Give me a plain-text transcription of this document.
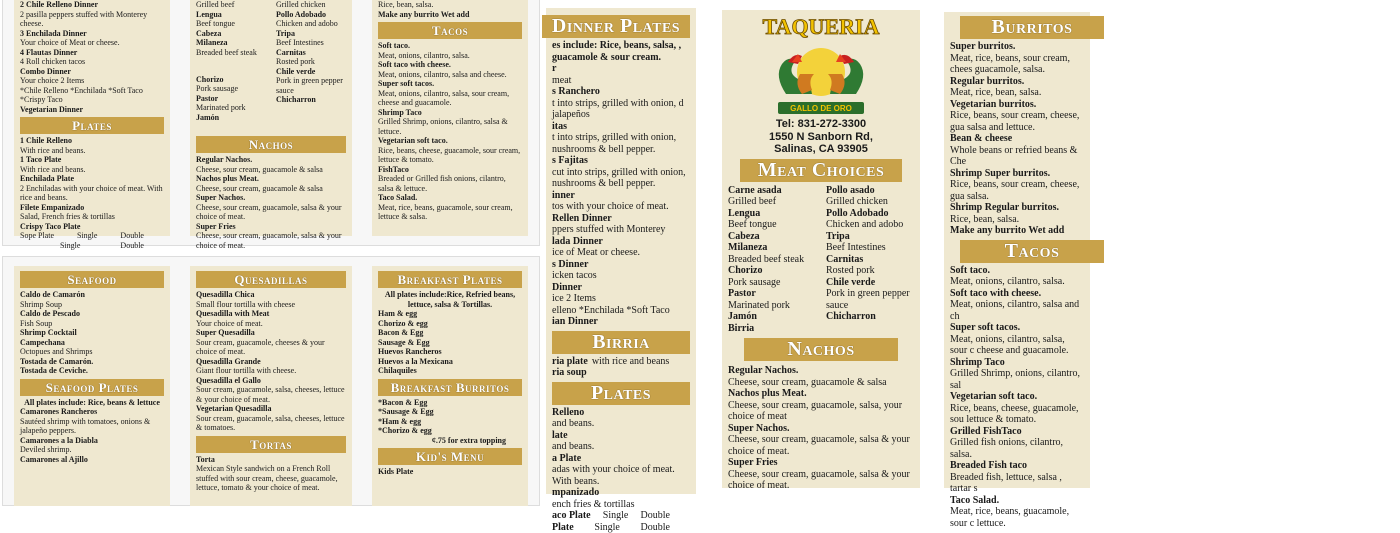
2 Chile Relleno Dinner
2 pasilla peppers stuffed with Monterey cheese.
3 Enchilada Dinner
Your choice of Meat or cheese.
4 Flautas Dinner
4 Roll chicken tacos
Combo Dinner
Your choice 2 Items
*Chile Relleno *Enchilada *Soft Taco
*Crispy Taco
Vegetarian Dinner
Plates
1 Chile Relleno
With rice and beans.
1 Taco Plate
With rice and beans.
Enchilada Plate
2 Enchiladas with your choice of meat. With rice and beans.
Filete Empanizado
Salad, French fries & tortillas
Crispy Taco Plate
Sope Plate	Single	Double
Single	Double
Grilled beef
Lengua
Beef tongue
Cabeza
Milaneza
Breaded beef steak
Grilled chicken
Pollo Adobado
Chicken and adobo
Tripa
Beef Intestines
Carnitas
Rosted pork
Chile verde
Pork in green pepper sauce
Chicharron
Chorizo
Pork sausage
Pastor
Marinated pork
Jamón
Nachos
Regular Nachos.
Cheese, sour cream, guacamole & salsa
Nachos plus Meat.
Cheese, sour cream, guacamole & salsa
Super Nachos.
Cheese, sour cream, guacamole, salsa & your choice of meat.
Super Fries
Cheese, sour cream, guacamole, salsa & your choice of meat.
Rice, bean, salsa.
Make any burrito Wet add
Tacos
Soft taco.
Meat, onions, cilantro, salsa.
Soft taco with cheese.
Meat, onions, cilantro, salsa and cheese.
Super soft tacos.
Meat, onions, cilantro, salsa, sour cream, cheese and guacamole.
Shrimp Taco
Grilled Shrimp, onions, cilantro, salsa & lettuce.
Vegetarian soft taco.
Rice, beans, cheese, guacamole, sour cream, lettuce & tomato.
FishTaco
Breaded or Grilled fish onions, cilantro, salsa & lettuce.
Taco Salad.
Meat, rice, beans, guacamole, sour cream, lettuce & salsa.
Seafood
Caldo de Camarón
Shrimp Soup
Caldo de Pescado
Fish Soup
Shrimp Cocktail
Campechana
Octopues and Shrimps
Tostada de Camarón.
Tostada de Ceviche.
Seafood Plates
All plates include: Rice, beans & lettuce
Camarones Rancheros
Sautéed shrimp with tomatoes, onions & jalapeño peppers.
Camarones a la Diabla
Deviled shrimp.
Camarones al Ajillo
Quesadillas
Quesadilla Chica
Small flour tortilla with cheese
Quesadilla with Meat
Your choice of meat.
Super Quesadilla
Sour cream, guacamole, cheeses & your choice of meat.
Quesadilla Grande
Giant flour tortilla with cheese.
Quesadilla el Gallo
Sour cream, guacamole, salsa, cheeses, lettuce & your choice of meat.
Vegetarian Quesadilla
Sour cream, guacamole, salsa, cheeses, lettuce & tomatoes.
Tortas
Torta
Mexican Style sandwich on a French Roll stuffed with sour cream, cheese, guacamole, lettuce, tomato & your choice of meat.
Breakfast Plates
All plates include:Rice, Refried beans, lettuce, salsa & Tortillas.
Ham & egg
Chorizo & egg
Bacon & Egg
Sausage & Egg
Huevos Rancheros
Huevos a la Mexicana
Chilaquiles
Breakfast Burritos
*Bacon & Egg
*Sausage & Egg
*Ham & egg
*Chorizo & egg
¢.75 for extra topping
Kid's Menu
Kids Plate
Dinner Plates
es include: Rice, beans, salsa, , guacamole & sour cream.
r
meat
s Ranchero
t into strips, grilled with onion, d jalapeños
itas
t into strips, grilled with onion, nushrooms & bell pepper.
s Fajitas
cut into strips, grilled with onion, nushrooms & bell pepper.
inner
tos with your choice of meat.
Rellen Dinner
ppers stuffed with Monterey
lada Dinner
ice of Meat or cheese.
s Dinner
icken tacos
Dinner
ice 2 Items
elleno *Enchilada *Soft Taco
ian Dinner
Birria
ria plate with rice and beans
ria soup
Plates
Relleno
and beans.
late
and beans.
a Plate
adas with your choice of meat. With beans.
mpanizado
ench fries & tortillas
aco Plate Single Double
Plate Single Double
TAQUERIA
GALLO DE ORO
Tel: 831-272-3300
1550 N Sanborn Rd,
Salinas, CA 93905
Meat Choices
Carne asada
Grilled beef
Lengua
Beef tongue
Cabeza
Milaneza
Breaded beef steak
Chorizo
Pork sausage
Pastor
Marinated pork
Jamón
Birria
Pollo asado
Grilled chicken
Pollo Adobado
Chicken and adobo
Tripa
Beef Intestines
Carnitas
Rosted pork
Chile verde
Pork in green pepper sauce
Chicharron
Nachos
Regular Nachos.
Cheese, sour cream, guacamole & salsa
Nachos plus Meat.
Cheese, sour cream, guacamole, salsa, your choice of meat
Super Nachos.
Cheese, sour cream, guacamole, salsa & your choice of meat.
Super Fries
Cheese, sour cream, guacamole, salsa & your choice of meat.
Burritos
Super burritos.
Meat, rice, beans, sour cream, chees guacamole, salsa.
Regular burritos.
Meat, rice, bean, salsa.
Vegetarian burritos.
Rice, beans, sour cream, cheese, gua salsa and lettuce.
Bean & cheese
Whole beans or refried beans & Che
Shrimp Super burritos.
Rice, beans, sour cream, cheese, gua salsa.
Shrimp Regular burritos.
Rice, bean, salsa.
Make any burrito Wet add
Tacos
Soft taco.
Meat, onions, cilantro, salsa.
Soft taco with cheese.
Meat, onions, cilantro, salsa and ch
Super soft tacos.
Meat, onions, cilantro, salsa, sour c cheese and guacamole.
Shrimp Taco
Grilled Shrimp, onions, cilantro, sal
Vegetarian soft taco.
Rice, beans, cheese, guacamole, sou lettuce & tomato.
Grilled FishTaco
Grilled fish onions, cilantro, salsa.
Breaded Fish taco
Breaded fish, lettuce, salsa , tartar s
Taco Salad.
Meat, rice, beans, guacamole, sour c lettuce.
